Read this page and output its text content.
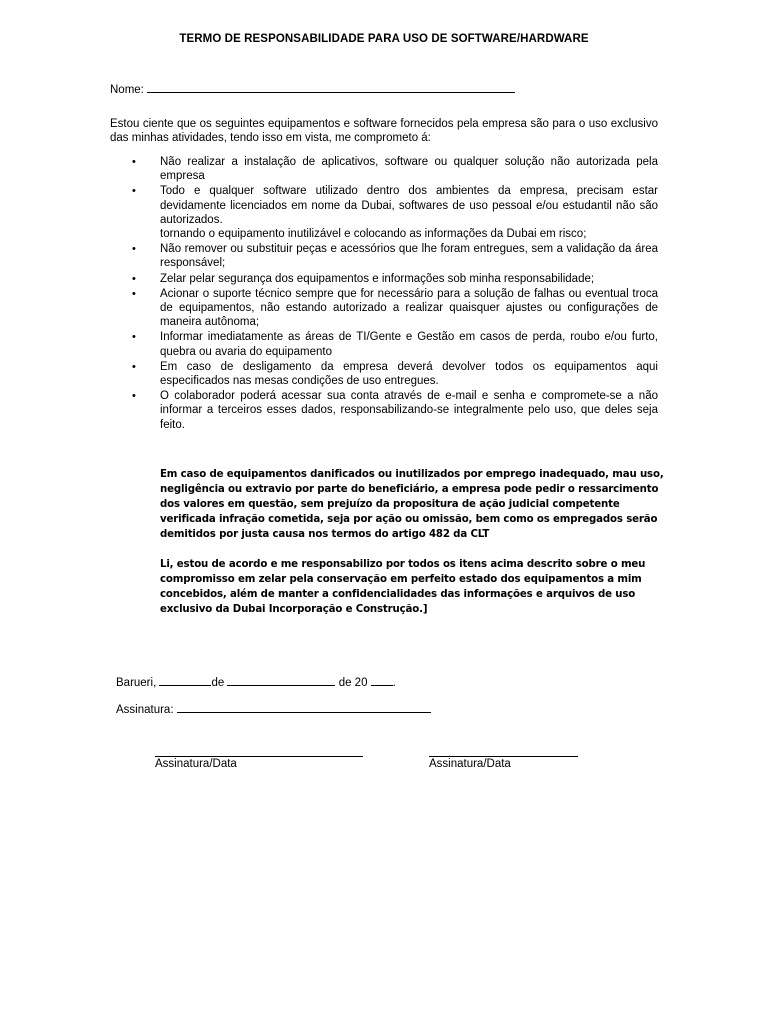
TERMO DE RESPONSABILIDADE PARA USO DE SOFTWARE/HARDWARE
Nome:
Estou ciente que os seguintes equipamentos e software fornecidos pela empresa são para o uso exclusivo das minhas atividades, tendo isso em vista, me comprometo á:
• Não realizar a instalação de aplicativos, software ou qualquer solução não autorizada pela empresa
• Todo e qualquer software utilizado dentro dos ambientes da empresa, precisam estar devidamente licenciados em nome da Dubai, softwares de uso pessoal e/ou estudantil não são autorizados.
tornando o equipamento inutilizável e colocando as informações da Dubai em risco;
• Não remover ou substituir peças e acessórios que lhe foram entregues, sem a validação da área responsável;
• Zelar pelar segurança dos equipamentos e informações sob minha responsabilidade;
• Acionar o suporte técnico sempre que for necessário para a solução de falhas ou eventual troca de equipamentos, não estando autorizado a realizar quaisquer ajustes ou configurações de maneira autônoma;
• Informar imediatamente as áreas de TI/Gente e Gestão em casos de perda, roubo e/ou furto, quebra ou avaria do equipamento
• Em caso de desligamento da empresa deverá devolver todos os equipamentos aqui especificados nas mesas condições de uso entregues.
• O colaborador poderá acessar sua conta através de e-mail e senha e compromete-se a não informar a terceiros esses dados, responsabilizando-se integralmente pelo uso, que deles seja feito.
Em caso de equipamentos danificados ou inutilizados por emprego inadequado, mau uso, negligência ou extravio por parte do beneficiário, a empresa pode pedir o ressarcimento dos valores em questão, sem prejuízo da propositura de ação judicial competente verificada infração cometida, seja por ação ou omissão, bem como os empregados serão demitidos por justa causa nos termos do artigo 482 da CLT
Li, estou de acordo e me responsabilizo por todos os itens acima descrito sobre o meu compromisso em zelar pela conservação em perfeito estado dos equipamentos a mim concebidos, além de manter a confidencialidades das informações e arquivos de uso exclusivo da Dubai Incorporação e Construção.]
Barueri,	de	de 20 .
Assinatura:
Assinatura/Data	Assinatura/Data
